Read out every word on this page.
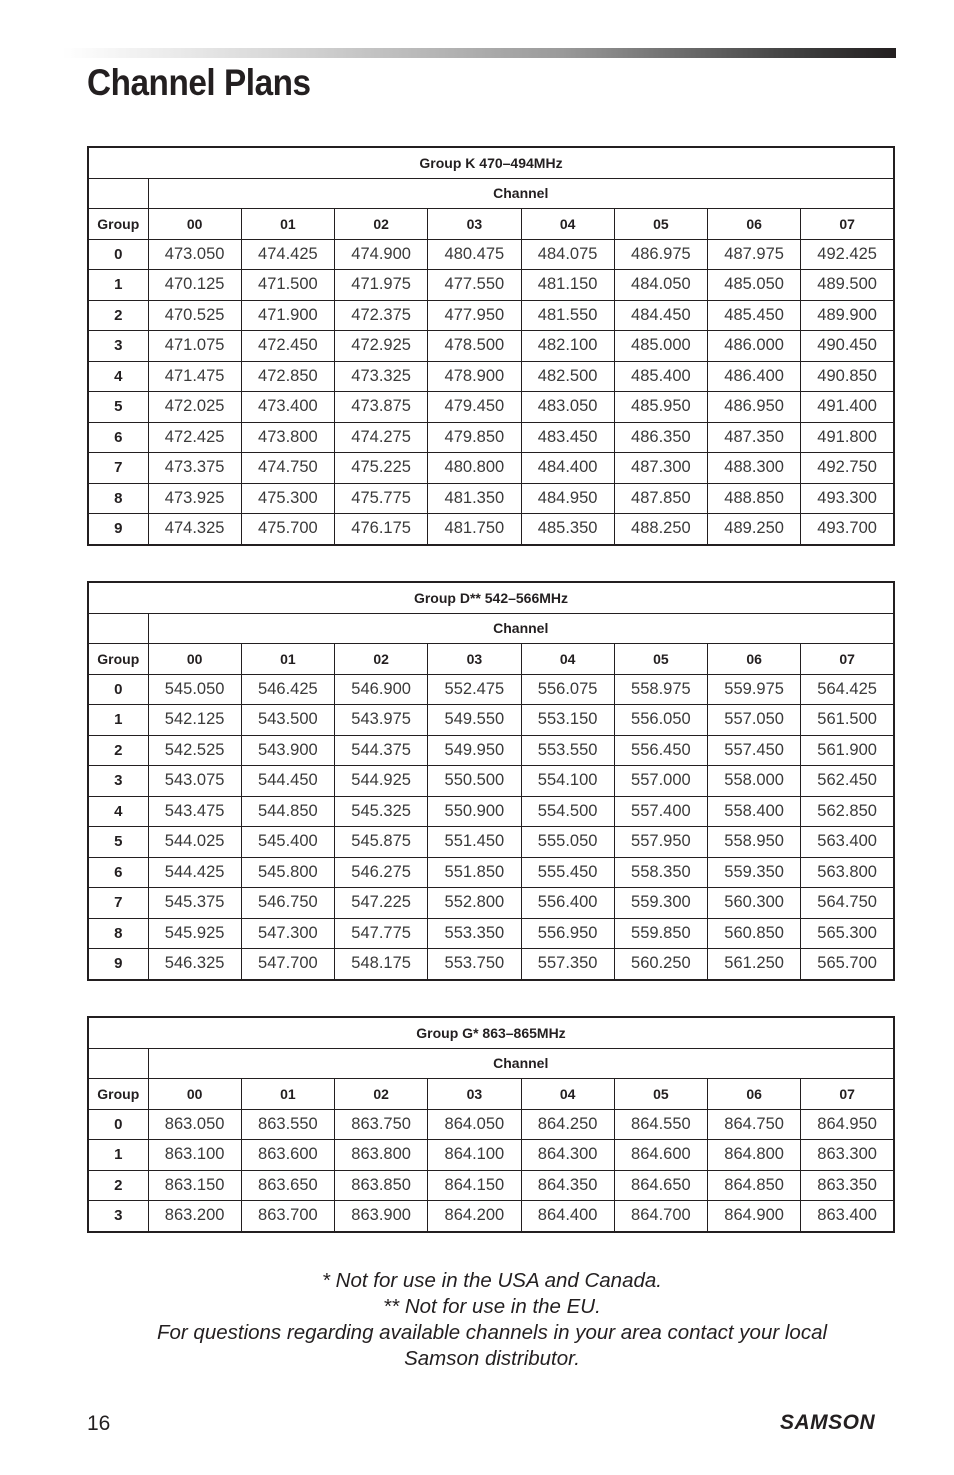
Channel Plans
Group K 470–494MHz								
	Channel							
Group	00	01	02	03	04	05	06	07
0	473.050	474.425	474.900	480.475	484.075	486.975	487.975	492.425
1	470.125	471.500	471.975	477.550	481.150	484.050	485.050	489.500
2	470.525	471.900	472.375	477.950	481.550	484.450	485.450	489.900
3	471.075	472.450	472.925	478.500	482.100	485.000	486.000	490.450
4	471.475	472.850	473.325	478.900	482.500	485.400	486.400	490.850
5	472.025	473.400	473.875	479.450	483.050	485.950	486.950	491.400
6	472.425	473.800	474.275	479.850	483.450	486.350	487.350	491.800
7	473.375	474.750	475.225	480.800	484.400	487.300	488.300	492.750
8	473.925	475.300	475.775	481.350	484.950	487.850	488.850	493.300
9	474.325	475.700	476.175	481.750	485.350	488.250	489.250	493.700
Group D** 542–566MHz								
	Channel							
Group	00	01	02	03	04	05	06	07
0	545.050	546.425	546.900	552.475	556.075	558.975	559.975	564.425
1	542.125	543.500	543.975	549.550	553.150	556.050	557.050	561.500
2	542.525	543.900	544.375	549.950	553.550	556.450	557.450	561.900
3	543.075	544.450	544.925	550.500	554.100	557.000	558.000	562.450
4	543.475	544.850	545.325	550.900	554.500	557.400	558.400	562.850
5	544.025	545.400	545.875	551.450	555.050	557.950	558.950	563.400
6	544.425	545.800	546.275	551.850	555.450	558.350	559.350	563.800
7	545.375	546.750	547.225	552.800	556.400	559.300	560.300	564.750
8	545.925	547.300	547.775	553.350	556.950	559.850	560.850	565.300
9	546.325	547.700	548.175	553.750	557.350	560.250	561.250	565.700
Group G* 863–865MHz								
	Channel							
Group	00	01	02	03	04	05	06	07
0	863.050	863.550	863.750	864.050	864.250	864.550	864.750	864.950
1	863.100	863.600	863.800	864.100	864.300	864.600	864.800	863.300
2	863.150	863.650	863.850	864.150	864.350	864.650	864.850	863.350
3	863.200	863.700	863.900	864.200	864.400	864.700	864.900	863.400
* Not for use in the USA and Canada.
** Not for use in the EU.
For questions regarding available channels in your area contact your local Samson distributor.
16	SAMSON
